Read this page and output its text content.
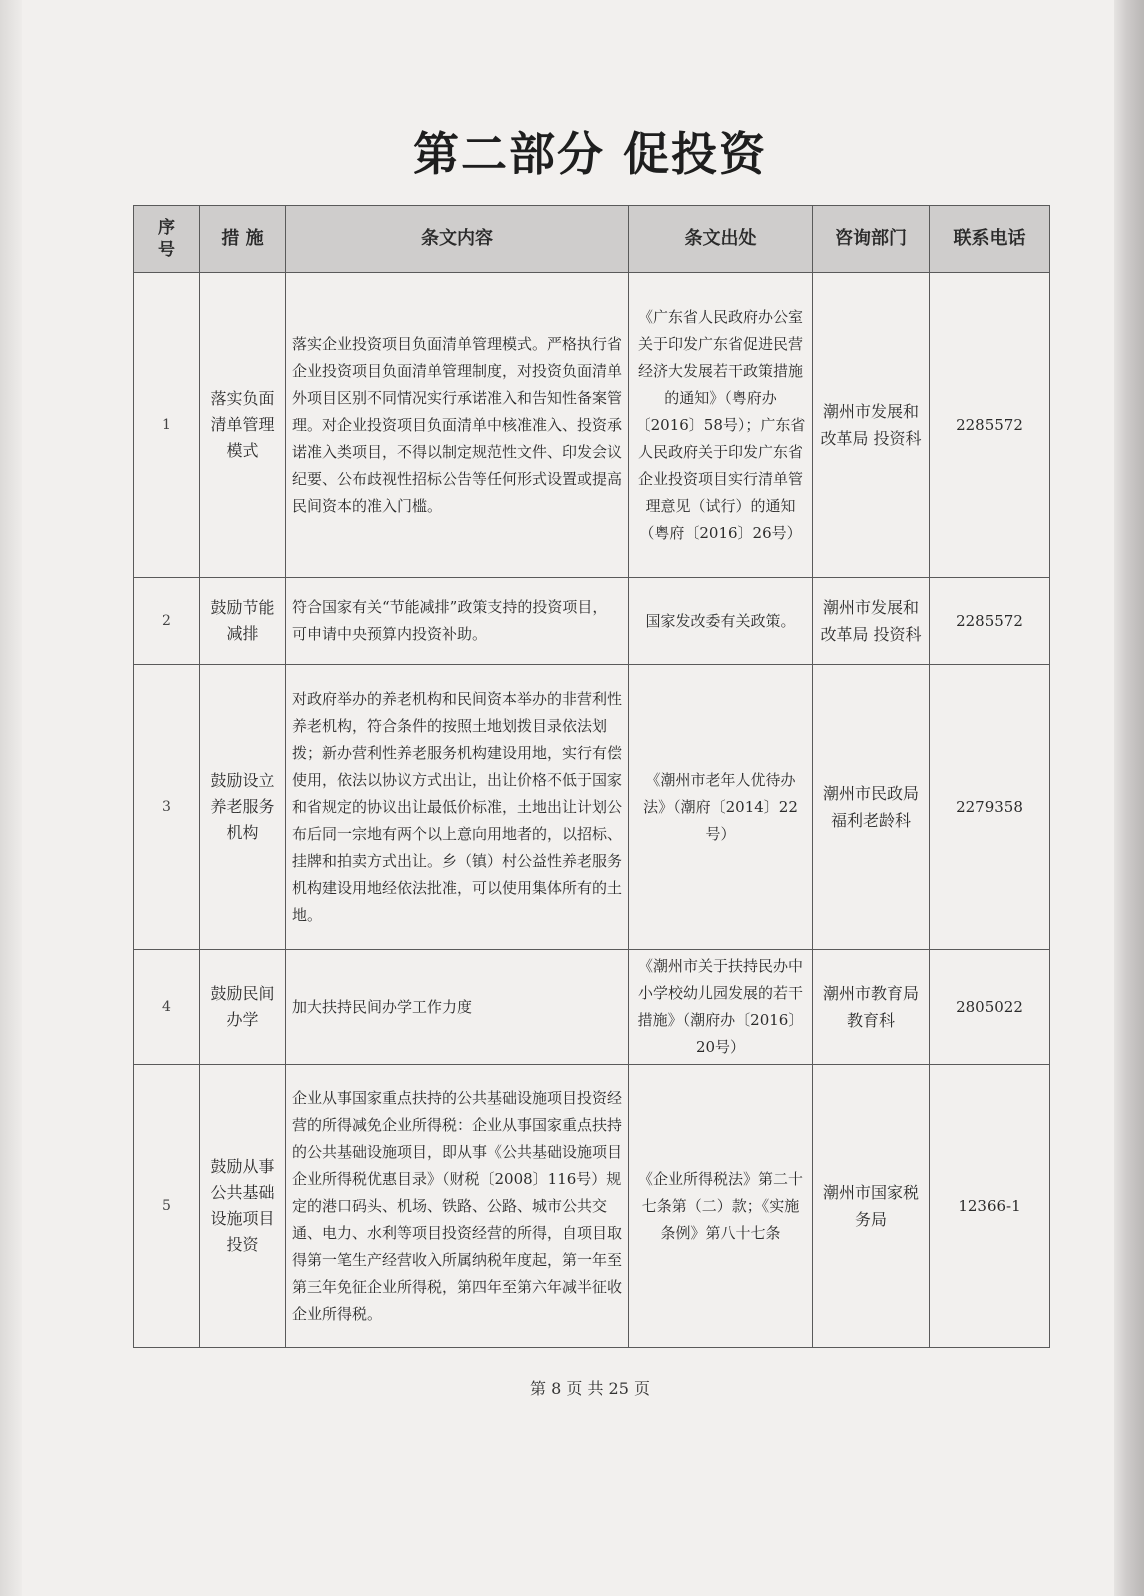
第二部分 促投资
序号	措 施	条文内容	条文出处	咨询部门	联系电话
1	落实负面清单管理模式	落实企业投资项目负面清单管理模式。严格执行省企业投资项目负面清单管理制度，对投资负面清单外项目区别不同情况实行承诺准入和告知性备案管理。对企业投资项目负面清单中核准准入、投资承诺准入类项目，不得以制定规范性文件、印发会议纪要、公布歧视性招标公告等任何形式设置或提高民间资本的准入门槛。	《广东省人民政府办公室关于印发广东省促进民营经济大发展若干政策措施的通知》（粤府办〔2016〕58号）；广东省人民政府关于印发广东省企业投资项目实行清单管理意见（试行）的通知（粤府〔2016〕26号）	潮州市发展和改革局 投资科	2285572
2	鼓励节能减排	符合国家有关“节能减排”政策支持的投资项目，可申请中央预算内投资补助。	国家发改委有关政策。	潮州市发展和改革局 投资科	2285572
3	鼓励设立养老服务机构	对政府举办的养老机构和民间资本举办的非营利性养老机构，符合条件的按照土地划拨目录依法划拨；新办营利性养老服务机构建设用地，实行有偿使用，依法以协议方式出让，出让价格不低于国家和省规定的协议出让最低价标准，土地出让计划公布后同一宗地有两个以上意向用地者的，以招标、挂牌和拍卖方式出让。乡（镇）村公益性养老服务机构建设用地经依法批准，可以使用集体所有的土地。	《潮州市老年人优待办法》（潮府〔2014〕22号）	潮州市民政局福利老龄科	2279358
4	鼓励民间办学	加大扶持民间办学工作力度	《潮州市关于扶持民办中小学校幼儿园发展的若干措施》（潮府办〔2016〕20号）	潮州市教育局 教育科	2805022
5	鼓励从事公共基础设施项目投资	企业从事国家重点扶持的公共基础设施项目投资经营的所得减免企业所得税：企业从事国家重点扶持的公共基础设施项目，即从事《公共基础设施项目企业所得税优惠目录》（财税〔2008〕116号）规定的港口码头、机场、铁路、公路、城市公共交通、电力、水利等项目投资经营的所得，自项目取得第一笔生产经营收入所属纳税年度起，第一年至第三年免征企业所得税，第四年至第六年减半征收企业所得税。	《企业所得税法》第二十七条第（二）款；《实施条例》第八十七条	潮州市国家税务局	12366-1
第 8 页 共 25 页
